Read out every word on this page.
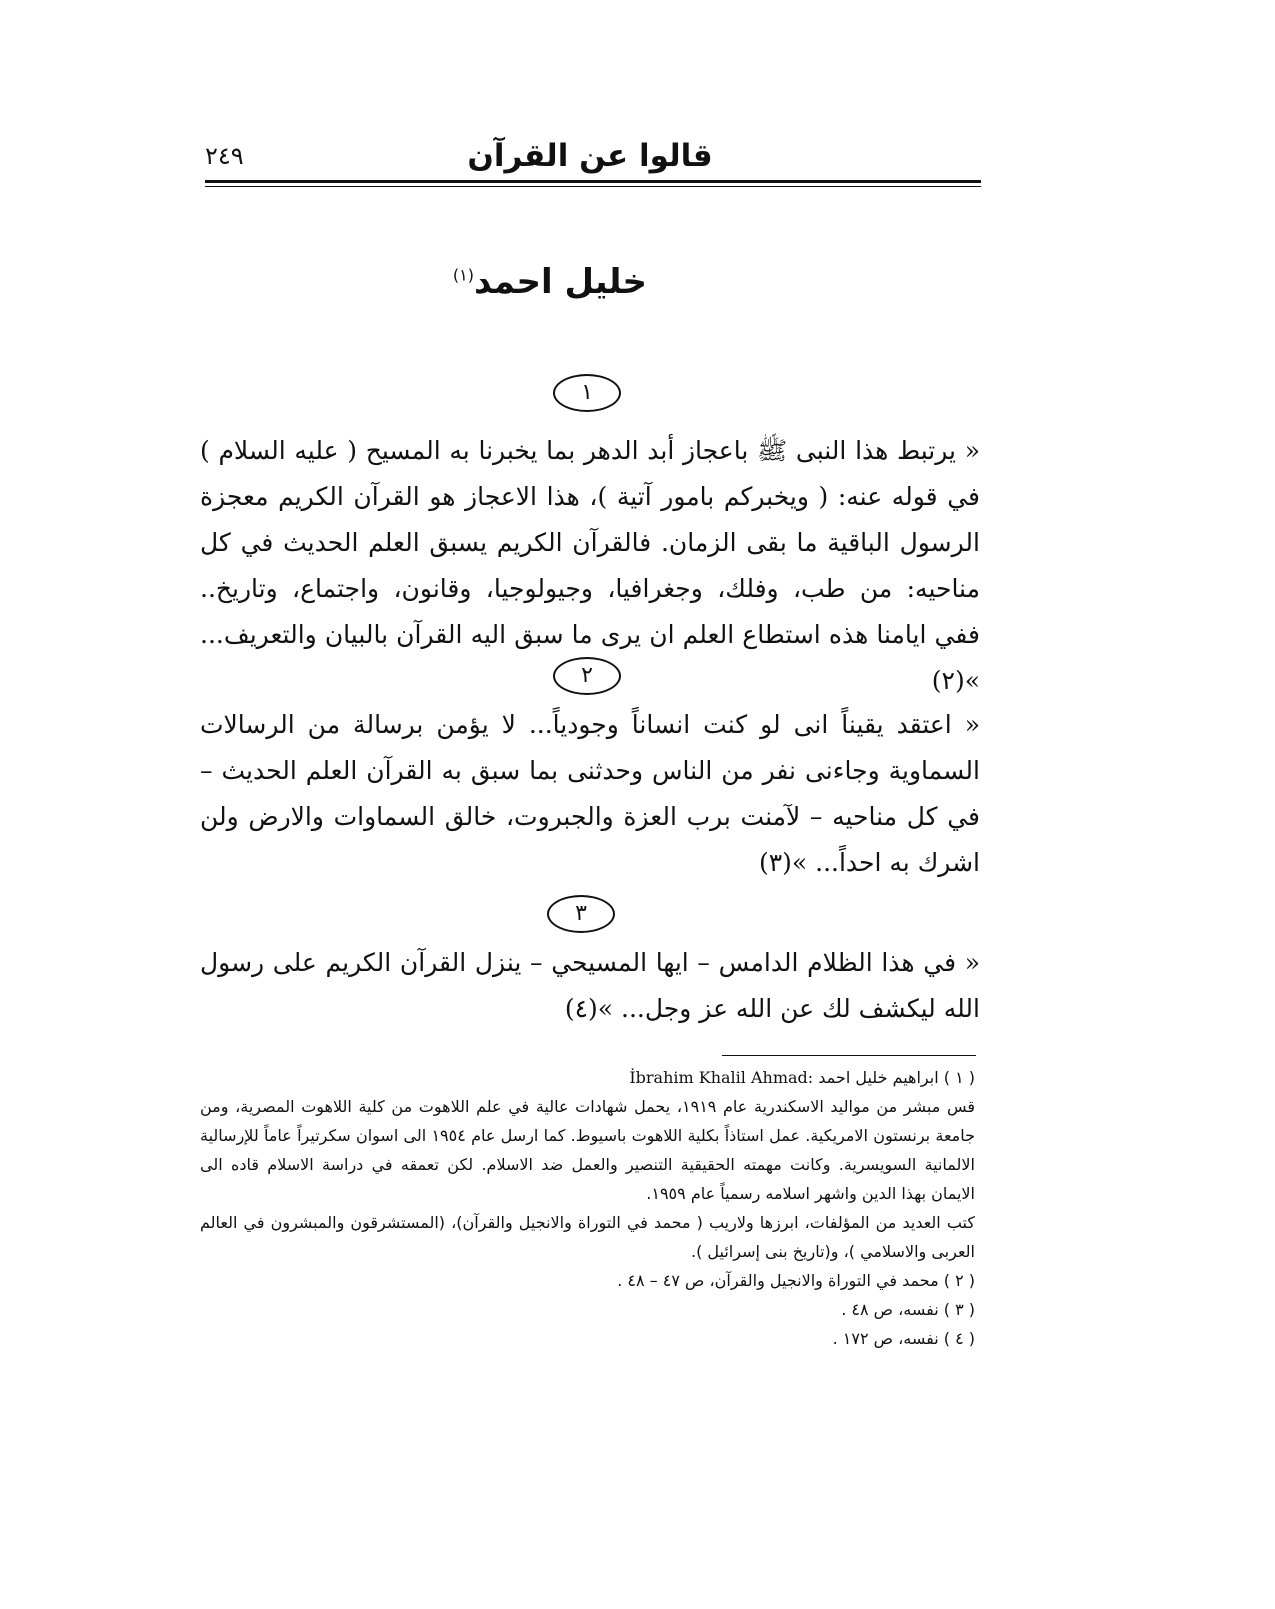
قالوا عن القرآن
٢٤٩
خليل احمد$^{(١)}$
١
« يرتبط هذا النبى ﷺ باعجاز أبد الدهر بما يخبرنا به المسيح ( عليه السلام ) في قوله عنه: ( ويخبركم بامور آتية )، هذا الاعجاز هو القرآن الكريم معجزة الرسول الباقية ما بقى الزمان. فالقرآن الكريم يسبق العلم الحديث في كل مناحيه: من طب، وفلك، وجغرافيا، وجيولوجيا، وقانون، واجتماع، وتاريخ.. ففي ايامنا هذه استطاع العلم ان يرى ما سبق اليه القرآن بالبيان والتعريف... »(٢)
٢
« اعتقد يقيناً انى لو كنت انساناً وجودياً... لا يؤمن برسالة من الرسالات السماوية وجاءنى نفر من الناس وحدثنى بما سبق به القرآن العلم الحديث – في كل مناحيه – لآمنت برب العزة والجبروت، خالق السماوات والارض ولن اشرك به احداً... »(٣)
٣
« في هذا الظلام الدامس – ايها المسيحي – ينزل القرآن الكريم على رسول الله ليكشف لك عن الله عز وجل... »(٤)

( ١ ) ابراهيم خليل احمد İbrahim Khalil Ahmad:

قس مبشر من مواليد الاسكندرية عام ١٩١٩، يحمل شهادات عالية في علم اللاهوت من كلية اللاهوت المصرية، ومن جامعة برنستون الامريكية. عمل استاذاً بكلية اللاهوت باسيوط. كما ارسل عام ١٩٥٤ الى اسوان سكرتيراً عاماً للإرسالية الالمانية السويسرية. وكانت مهمته الحقيقية التنصير والعمل ضد الاسلام. لكن تعمقه في دراسة الاسلام قاده الى الايمان بهذا الدين واشهر اسلامه رسمياً عام ١٩٥٩.

كتب العديد من المؤلفات، ابرزها ولاريب ( محمد في التوراة والانجيل والقرآن)، (المستشرقون والمبشرون في العالم العربى والاسلامي )، و(تاريخ بنى إسرائيل ).

( ٢ ) محمد في التوراة والانجيل والقرآن، ص ٤٧ – ٤٨ .

( ٣ ) نفسه، ص ٤٨ .

( ٤ ) نفسه، ص ١٧٢ .
